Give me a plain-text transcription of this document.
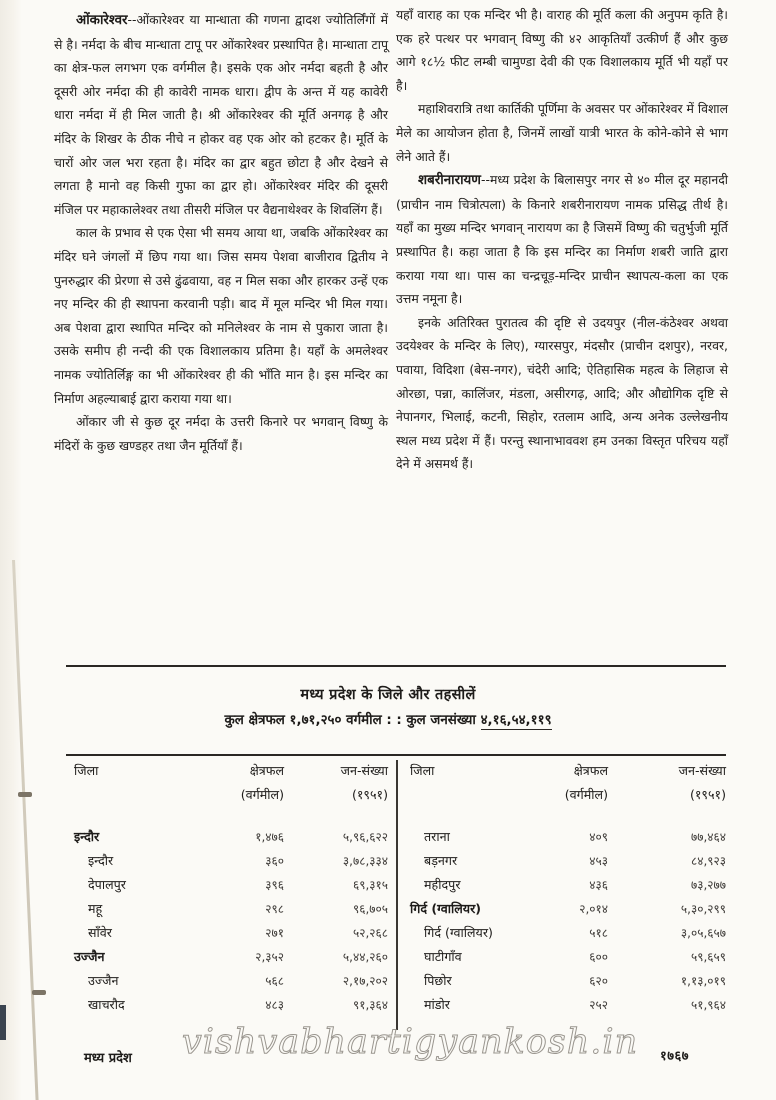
ओंकारेश्वर--ओंकारेश्वर या मान्धाता की गणना द्वादश ज्योतिर्लिंगों में से है। नर्मदा के बीच मान्धाता टापू पर ओंकारेश्वर प्रस्थापित है। मान्धाता टापू का क्षेत्र-फल लगभग एक वर्गमील है। इसके एक ओर नर्मदा बहती है और दूसरी ओर नर्मदा की ही कावेरी नामक धारा। द्वीप के अन्त में यह कावेरी धारा नर्मदा में ही मिल जाती है। श्री ओंकारेश्वर की मूर्ति अनगढ़ है और मंदिर के शिखर के ठीक नीचे न होकर वह एक ओर को हटकर है। मूर्ति के चारों ओर जल भरा रहता है। मंदिर का द्वार बहुत छोटा है और देखने से लगता है मानो वह किसी गुफा का द्वार हो। ओंकारेश्वर मंदिर की दूसरी मंजिल पर महाकालेश्वर तथा तीसरी मंजिल पर वैद्यनाथेश्वर के शिवलिंग हैं।

काल के प्रभाव से एक ऐसा भी समय आया था, जबकि ओंकारेश्वर का मंदिर घने जंगलों में छिप गया था। जिस समय पेशवा बाजीराव द्वितीय ने पुनरुद्धार की प्रेरणा से उसे ढुंढवाया, वह न मिल सका और हारकर उन्हें एक नए मन्दिर की ही स्थापना करवानी पड़ी। बाद में मूल मन्दिर भी मिल गया। अब पेशवा द्वारा स्थापित मन्दिर को मनिलेश्वर के नाम से पुकारा जाता है। उसके समीप ही नन्दी की एक विशालकाय प्रतिमा है। यहाँ के अमलेश्वर नामक ज्योतिर्लिङ्ग का भी ओंकारेश्वर ही की भाँति मान है। इस मन्दिर का निर्माण अहल्याबाई द्वारा कराया गया था।

ओंकार जी से कुछ दूर नर्मदा के उत्तरी किनारे पर भगवान् विष्णु के मंदिरों के कुछ खण्डहर तथा जैन मूर्तियाँ हैं।

यहाँ वाराह का एक मन्दिर भी है। वाराह की मूर्ति कला की अनुपम कृति है। एक हरे पत्थर पर भगवान् विष्णु की ४२ आकृतियाँ उत्कीर्ण हैं और कुछ आगे १८½ फीट लम्बी चामुण्डा देवी की एक विशालकाय मूर्ति भी यहाँ पर है।

महाशिवरात्रि तथा कार्तिकी पूर्णिमा के अवसर पर ओंकारेश्वर में विशाल मेले का आयोजन होता है, जिनमें लाखों यात्री भारत के कोने-कोने से भाग लेने आते हैं।

शबरीनारायण--मध्य प्रदेश के बिलासपुर नगर से ४० मील दूर महानदी (प्राचीन नाम चित्रोत्पला) के किनारे शबरीनारायण नामक प्रसिद्ध तीर्थ है। यहाँ का मुख्य मन्दिर भगवान् नारायण का है जिसमें विष्णु की चतुर्भुजी मूर्ति प्रस्थापित है। कहा जाता है कि इस मन्दिर का निर्माण शबरी जाति द्वारा कराया गया था। पास का चन्द्रचूड़-मन्दिर प्राचीन स्थापत्य-कला का एक उत्तम नमूना है।

इनके अतिरिक्त पुरातत्व की दृष्टि से उदयपुर (नील-कंठेश्वर अथवा उदयेश्वर के मन्दिर के लिए), ग्यारसपुर, मंदसौर (प्राचीन दशपुर), नरवर, पवाया, विदिशा (बेस-नगर), चंदेरी आदि; ऐतिहासिक महत्व के लिहाज से ओरछा, पन्ना, कालिंजर, मंडला, असीरगढ़, आदि; और औद्योगिक दृष्टि से नेपानगर, भिलाई, कटनी, सिहोर, रतलाम आदि, अन्य अनेक उल्लेखनीय स्थल मध्य प्रदेश में हैं। परन्तु स्थानाभाववश हम उनका विस्तृत परिचय यहाँ देने में असमर्थ हैं।

मध्य प्रदेश के जिले और तहसीलें
कुल क्षेत्रफल १,७१,२५० वर्गमील : : कुल जनसंख्या ४,१६,५४,११९
जिला	क्षेत्रफल	जन-संख्या
(वर्गमील)	(१९५१)
इन्दौर	१,४७६	५,९६,६२२
इन्दौर	३६०	३,७८,३३४
देपालपुर	३९६	६९,३१५
महू	२९८	९६,७०५
साँवेर	२७१	५२,२६८
उज्जैन	२,३५२	५,४४,२६०
उज्जैन	५६८	२,१७,२०२
खाचरौद	४८३	९१,३६४
जिला	क्षेत्रफल	जन-संख्या
(वर्गमील)	(१९५१)
तराना	४०९	७७,४६४
बड़नगर	४५३	८४,९२३
महीदपुर	४३६	७३,२७७
गिर्द (ग्वालियर)	२,०१४	५,३०,२९९
गिर्द (ग्वालियर)	५१८	३,०५,६५७
घाटीगाँव	६००	५९,६५९
पिछोर	६२०	१,१३,०१९
मांडोर	२५२	५१,९६४
मध्य प्रदेश vishvabhartigyankosh.in १७६७
